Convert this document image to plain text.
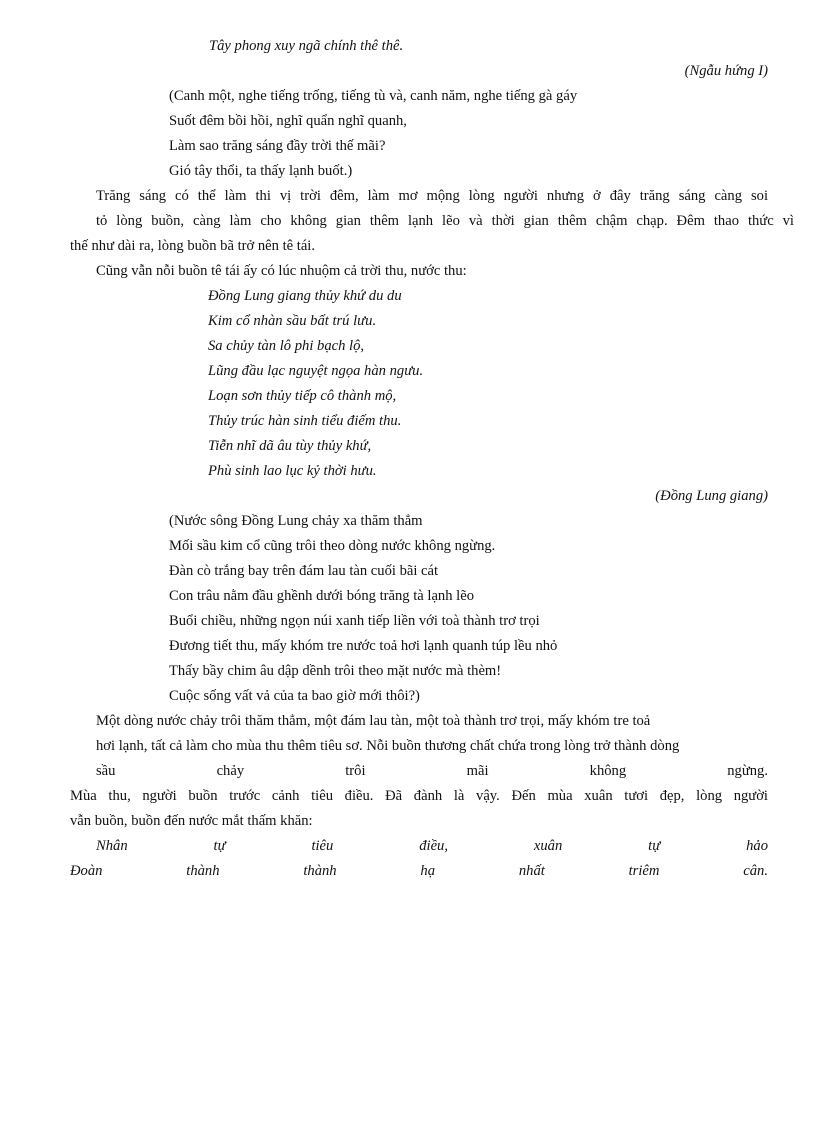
Tây phong xuy ngã chính thê thê.
(Ngẫu hứng I)
(Canh một, nghe tiếng trống, tiếng tù và, canh năm, nghe tiếng gà gáy
Suốt đêm bồi hồi, nghĩ quẩn nghĩ quanh,
Làm sao trăng sáng đầy trời thế mãi?
Gió tây thổi, ta thấy lạnh buốt.)
Trăng sáng có thể làm thi vị trời đêm, làm mơ mộng lòng người nhưng ở đây trăng sáng càng soi
tỏ lòng buồn, càng làm cho không gian thêm lạnh lẽo và thời gian thêm chậm chạp. Đêm thao thức vì
thế như dài ra, lòng buồn bã trở nên tê tái.
Cũng vẫn nỗi buồn tê tái ấy có lúc nhuộm cả trời thu, nước thu:
Đồng Lung giang thủy khứ du du
Kim cổ nhàn sầu bất trú lưu.
Sa chủy tàn lô phi bạch lộ,
Lũng đầu lạc nguyệt ngọa hàn ngưu.
Loạn sơn thủy tiếp cô thành mộ,
Thủy trúc hàn sinh tiểu điếm thu.
Tiễn nhĩ dã âu tùy thủy khứ,
Phù sinh lao lục kỷ thời hưu.
(Đồng Lung giang)
(Nước sông Đồng Lung chảy xa thăm thẳm
Mối sầu kim cổ cũng trôi theo dòng nước không ngừng.
Đàn cò trắng bay trên đám lau tàn cuối bãi cát
Con trâu nằm đầu ghềnh dưới bóng trăng tà lạnh lẽo
Buổi chiều, những ngọn núi xanh tiếp liền với toà thành trơ trọi
Đương tiết thu, mấy khóm tre nước toả hơi lạnh quanh túp lều nhỏ
Thấy bầy chim âu dập dềnh trôi theo mặt nước mà thèm!
Cuộc sống vất vả của ta bao giờ mới thôi?)
Một dòng nước chảy trôi thăm thẳm, một đám lau tàn, một toà thành trơ trọi, mấy khóm tre toả
hơi lạnh, tất cả làm cho mùa thu thêm tiêu sơ. Nỗi buồn thương chất chứa trong lòng trở thành dòng
sầu chảy trôi mãi không ngừng.
Mùa thu, người buồn trước cảnh tiêu điều. Đã đành là vậy. Đến mùa xuân tươi đẹp, lòng người
vẫn buồn, buồn đến nước mắt thấm khăn:
Nhân tự tiêu điều, xuân tự hảo
Đoàn thành thành hạ nhất triêm cân.
